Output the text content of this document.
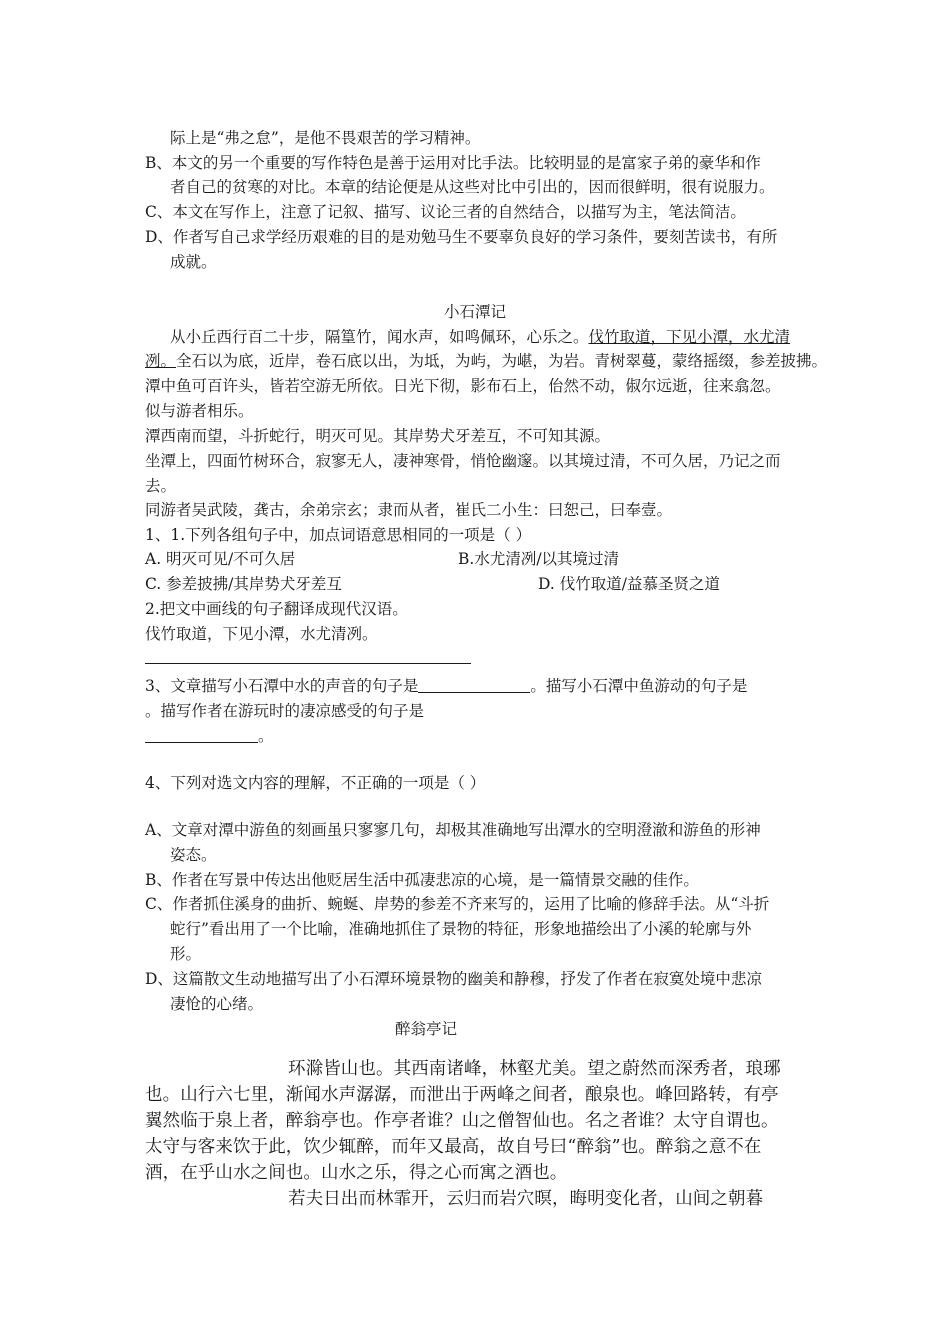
际上是“弗之怠”，是他不畏艰苦的学习精神。
B、本文的另一个重要的写作特色是善于运用对比手法。比较明显的是富家子弟的豪华和作
者自己的贫寒的对比。本章的结论便是从这些对比中引出的，因而很鲜明，很有说服力。
C、本文在写作上，注意了记叙、描写、议论三者的自然结合，以描写为主，笔法简洁。
D、作者写自己求学经历艰难的目的是劝勉马生不要辜负良好的学习条件，要刻苦读书，有所
成就。
小石潭记
从小丘西行百二十步，隔篁竹，闻水声，如鸣佩环，心乐之。伐竹取道，下见小潭，水尤清
冽。全石以为底，近岸，卷石底以出，为坻，为屿，为嵁，为岩。青树翠蔓，蒙络摇缀，参差披拂。
潭中鱼可百许头，皆若空游无所依。日光下彻，影布石上，佁然不动，俶尔远逝，往来翕忽。
似与游者相乐。
潭西南而望，斗折蛇行，明灭可见。其岸势犬牙差互，不可知其源。
坐潭上，四面竹树环合，寂寥无人，凄神寒骨，悄怆幽邃。以其境过清，不可久居，乃记之而
去。
同游者吴武陵，龚古，余弟宗玄；隶而从者，崔氏二小生：曰恕己，曰奉壹。
1、1.下列各组句子中，加点词语意思相同的一项是（ ）
A. 明灭可见/不可久居	B.水尤清冽/以其境过清
C. 参差披拂/其岸势犬牙差互	D. 伐竹取道/益慕圣贤之道
2.把文中画线的句子翻译成现代汉语。
伐竹取道，下见小潭，水尤清冽。
3、文章描写小石潭中水的声音的句子是	。描写小石潭中鱼游动的句子是
。描写作者在游玩时的凄凉感受的句子是
。
4、下列对选文内容的理解，不正确的一项是（ ）
A、文章对潭中游鱼的刻画虽只寥寥几句，却极其准确地写出潭水的空明澄澈和游鱼的形神
姿态。
B、作者在写景中传达出他贬居生活中孤凄悲凉的心境，是一篇情景交融的佳作。
C、作者抓住溪身的曲折、蜿蜒、岸势的参差不齐来写的，运用了比喻的修辞手法。从“斗折
蛇行”看出用了一个比喻，准确地抓住了景物的特征，形象地描绘出了小溪的轮廓与外
形。
D、这篇散文生动地描写出了小石潭环境景物的幽美和静穆，抒发了作者在寂寞处境中悲凉
凄怆的心绪。
醉翁亭记
环滁皆山也。其西南诸峰，林壑尤美。望之蔚然而深秀者，琅琊
也。山行六七里，渐闻水声潺潺，而泄出于两峰之间者，酿泉也。峰回路转，有亭
翼然临于泉上者，醉翁亭也。作亭者谁？山之僧智仙也。名之者谁？太守自谓也。
太守与客来饮于此，饮少辄醉，而年又最高，故自号曰“醉翁”也。醉翁之意不在
酒，在乎山水之间也。山水之乐，得之心而寓之酒也。
若夫日出而林霏开，云归而岩穴暝，晦明变化者，山间之朝暮
